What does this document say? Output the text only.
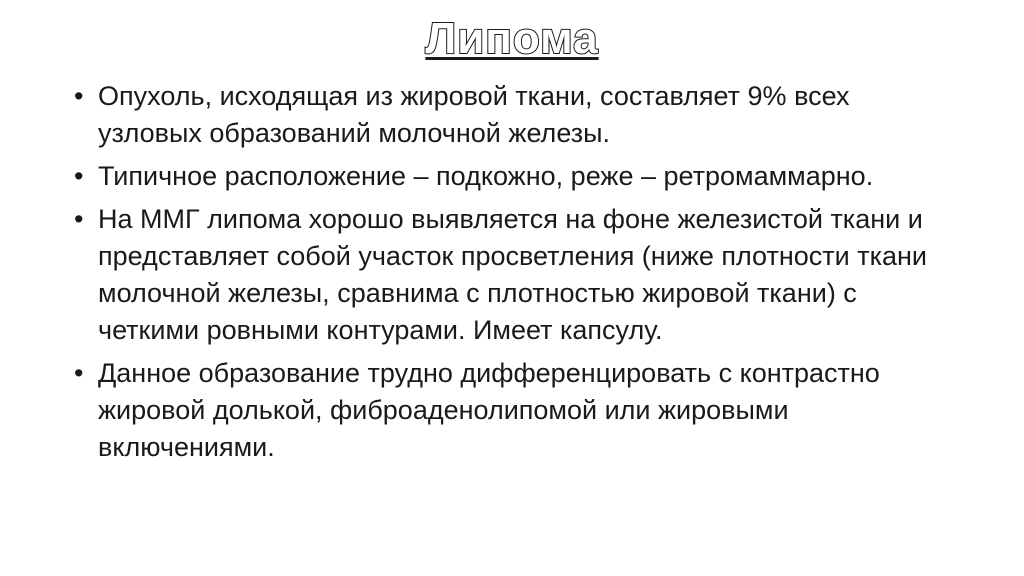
Липома
• Опухоль, исходящая из жировой ткани, составляет 9% всех узловых образований молочной железы.
• Типичное расположение – подкожно, реже – ретромаммарно.
• На ММГ липома хорошо выявляется на фоне железистой ткани и представляет собой участок просветления (ниже плотности ткани молочной железы, сравнима с плотностью жировой ткани) с четкими ровными контурами. Имеет капсулу.
• Данное образование трудно дифференцировать с контрастно жировой долькой, фиброаденолипомой или жировыми включениями.
